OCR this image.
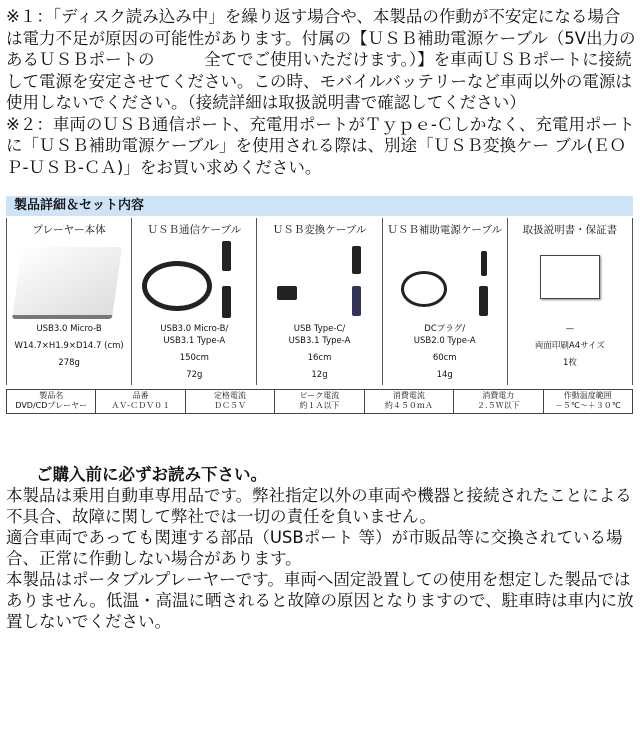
※１：「ディスク読み込み中」を繰り返す場合や、本製品の作動が不安定になる場合は電力不足が原因の可能性があります。付属の【ＵＳＢ補助電源ケーブル（5V出力のあるＵＳＢポートの　　　全てでご使用いただけます。）】を車両ＵＳＢポートに接続して電源を安定させてください。この時、モバイルバッテリーなど車両以外の電源は使用しないでください。（接続詳細は取扱説明書で確認してください）

※２：車両のＵＳＢ通信ポート、充電用ポートがＴｙｐｅ-Ｃしかなく、充電用ポートに「ＵＳＢ補助電源ケーブル」を使用される際は、別途「ＵＳＢ変換ケー ブル(ＥＯＰ-ＵＳＢ-ＣＡ)」をお買い求めください。

製品詳細＆セット内容
プレーヤー本体
USB3.0 Micro-B
W14.7×H1.9×D14.7 (cm)
278g
ＵＳＢ通信ケーブル
USB3.0 Micro-B/
USB3.1 Type-A
150cm
72g
ＵＳＢ変換ケーブル
USB Type-C/
USB3.1 Type-A
16cm
12g
ＵＳＢ補助電源ケーブル
DCプラグ/
USB2.0 Type-A
60cm
14g
取扱説明書・保証書
—
両面印刷A4サイズ
1枚
製品名
DVD/CDプレーヤー
品番
ＡＶ-ＣＤＶ０１
定格電流
ＤＣ５Ｖ
ピーク電流
約１Ａ以下
消費電流
約４５０ｍＡ
消費電力
２.５Ｗ以下
作動温度範囲
－５℃～＋３０℃

ご購入前に必ずお読み下さい。

本製品は乗用自動車専用品です。弊社指定以外の車両や機器と接続されたことによる不具合、故障に関して弊社では一切の責任を負いません。

適合車両であっても関連する部品（USBポート 等）が市販品等に交換されている場合、正常に作動しない場合があります。

本製品はポータブルプレーヤーです。車両へ固定設置しての使用を想定した製品ではありません。低温・高温に晒されると故障の原因となりますので、駐車時は車内に放置しないでください。
